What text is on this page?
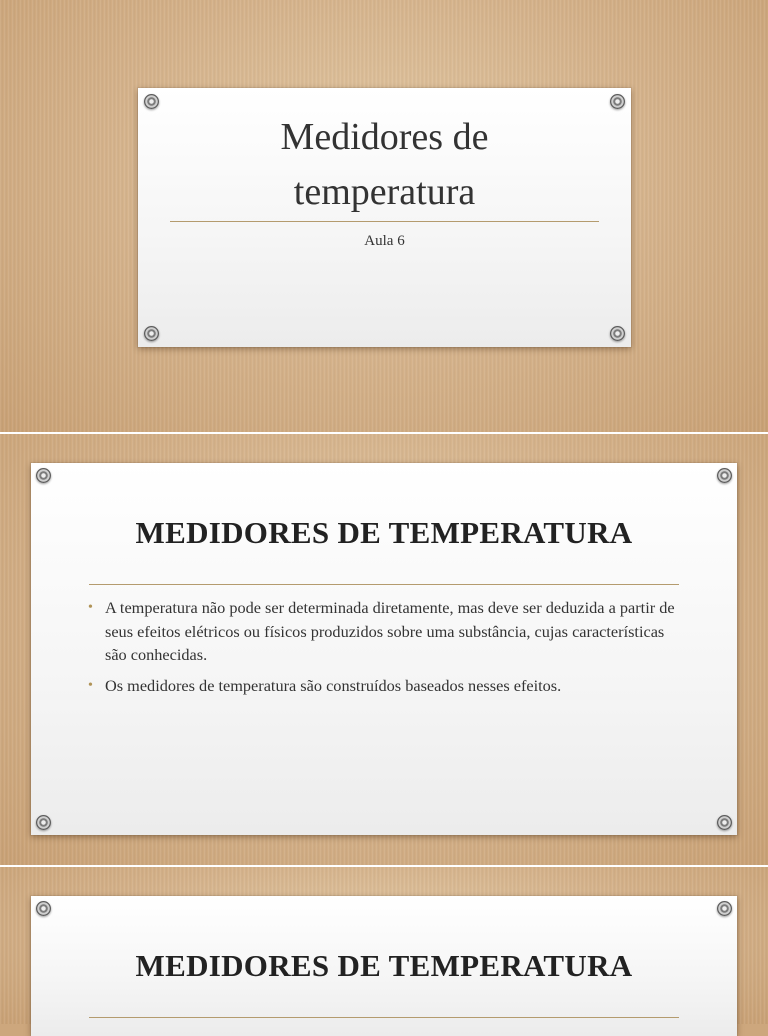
Medidores de temperatura
Aula 6
MEDIDORES DE TEMPERATURA
• A temperatura não pode ser determinada diretamente, mas deve ser deduzida a partir de seus efeitos elétricos ou físicos produzidos sobre uma substância, cujas características são conhecidas.
• Os medidores de temperatura são construídos baseados nesses efeitos.
MEDIDORES DE TEMPERATURA
